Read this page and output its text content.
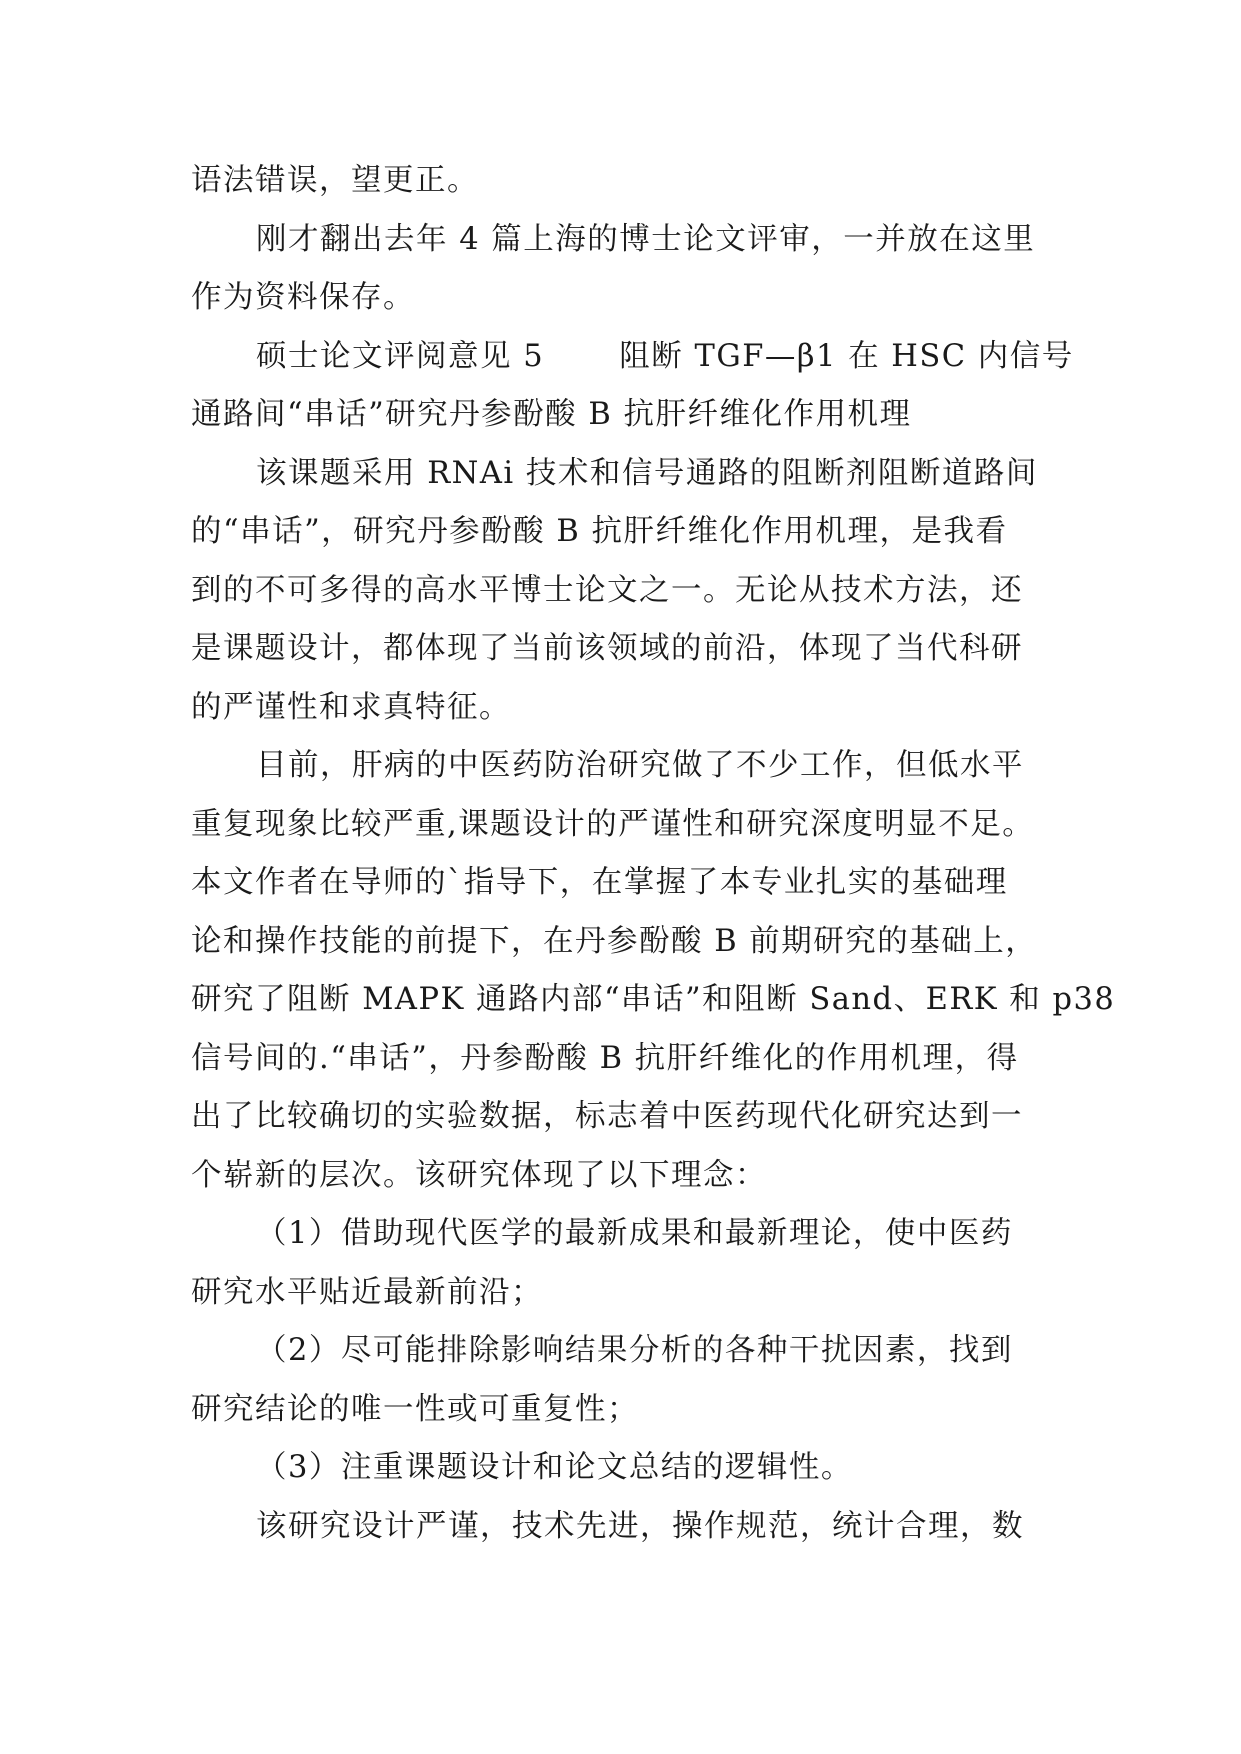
语法错误，望更正。
刚才翻出去年 4 篇上海的博士论文评审，一并放在这里
作为资料保存。
硕士论文评阅意见 5　　 阻断 TGF—β1 在 HSC 内信号
通路间“串话”研究丹参酚酸 B 抗肝纤维化作用机理
该课题采用 RNAi 技术和信号通路的阻断剂阻断道路间
的“串话”，研究丹参酚酸 B 抗肝纤维化作用机理，是我看
到的不可多得的高水平博士论文之一。无论从技术方法，还
是课题设计，都体现了当前该领域的前沿，体现了当代科研
的严谨性和求真特征。
目前，肝病的中医药防治研究做了不少工作，但低水平
重复现象比较严重,课题设计的严谨性和研究深度明显不足。
本文作者在导师的`指导下，在掌握了本专业扎实的基础理
论和操作技能的前提下，在丹参酚酸 B 前期研究的基础上，
研究了阻断 MAPK 通路内部“串话”和阻断 Sand、ERK 和 p38
信号间的.“串话”，丹参酚酸 B 抗肝纤维化的作用机理，得
出了比较确切的实验数据，标志着中医药现代化研究达到一
个崭新的层次。该研究体现了以下理念：
（1）借助现代医学的最新成果和最新理论，使中医药
研究水平贴近最新前沿；
（2）尽可能排除影响结果分析的各种干扰因素，找到
研究结论的唯一性或可重复性；
（3）注重课题设计和论文总结的逻辑性。
该研究设计严谨，技术先进，操作规范，统计合理，数
